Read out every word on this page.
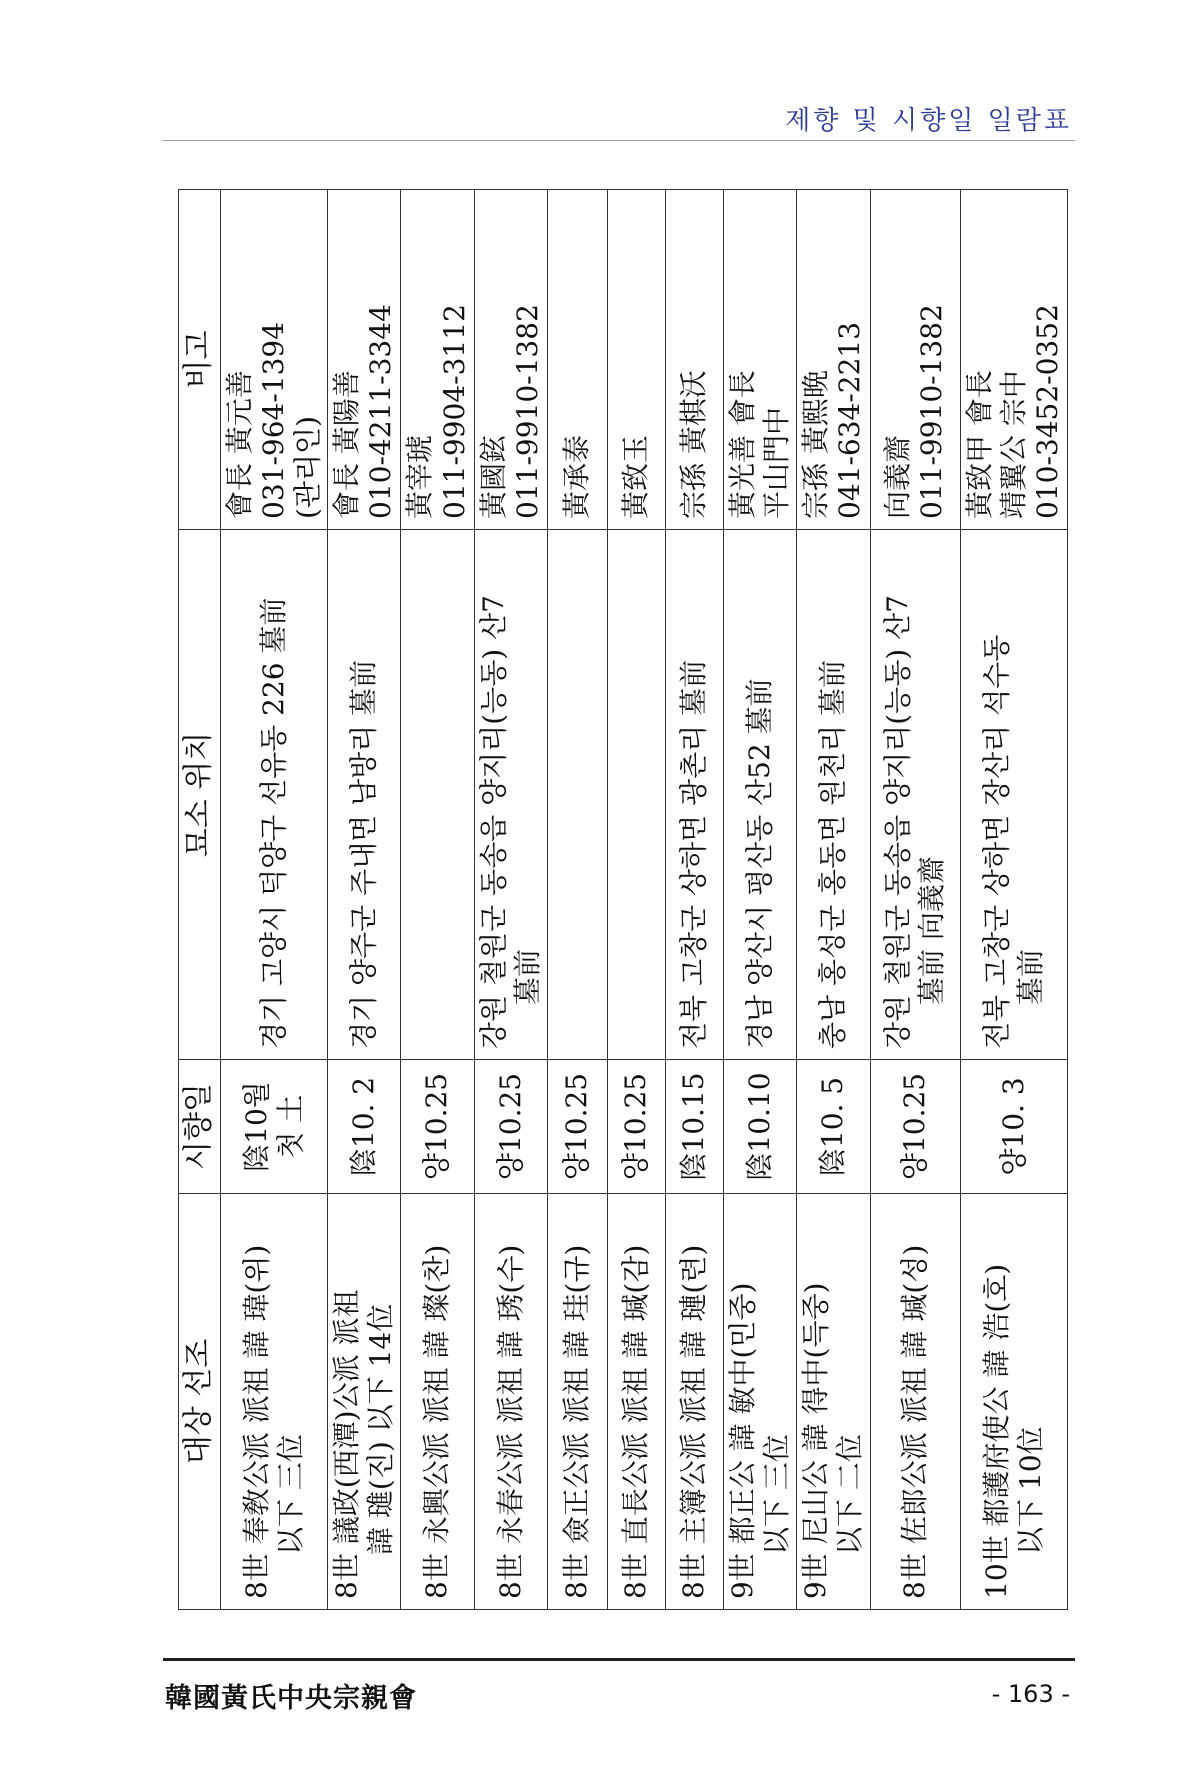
제향 및 시향일 일람표
대상 선조	시향일	묘소 위치	비고

8世 奉敎公派 派祖 諱 瑋(위) 以下 三位	陰10월 첫 土	경기 고양시 덕양구 선유동 226 墓前	會長 黃元善 031-964-1394 (관리인)

8世 議政(西潭)公派 派祖 諱 璡(진) 以下 14位	陰10. 2	경기 양주군 주내면 남방리 墓前	會長 黃陽善 010-4211-3344

8世 永興公派 派祖 諱 璨(찬)	양10.25		黃宰琥 011-9904-3112

8世 永春公派 派祖 諱 琇(수)	양10.25	강원 철원군 동송읍 양지리(능동) 산7 墓前	黃國鉉 011-9910-1382

8世 僉正公派 派祖 諱 珪(규)	양10.25		黃承泰

8世 直長公派 派祖 諱 瑊(감)	양10.25		黃致玉

8世 主簿公派 派祖 諱 璉(련)	陰10.15	전북 고창군 상하면 광촌리 墓前	宗孫 黃棋沃

9世 都正公 諱 敏中(민중) 以下 三位	陰10.10	경남 양산시 평산동 산52 墓前	黃光善 會長 平山門中

9世 尼山公 諱 得中(득중) 以下 二位	陰10. 5	충남 홍성군 홍동면 원천리 墓前	宗孫 黃熙晩 041-634-2213

8世 佐郎公派 派祖 諱 瑊(성)	양10.25	강원 철원군 동송읍 양지리(능동) 산7 墓前 向義齋	向義齋 011-9910-1382

10世 都護府使公 諱 浩(호) 以下 10位	양10. 3	전북 고창군 상하면 장산리 석수동 墓前	黃致甲 會長 靖翼公 宗中 010-3452-0352
韓國黃氏中央宗親會	- 163 -
